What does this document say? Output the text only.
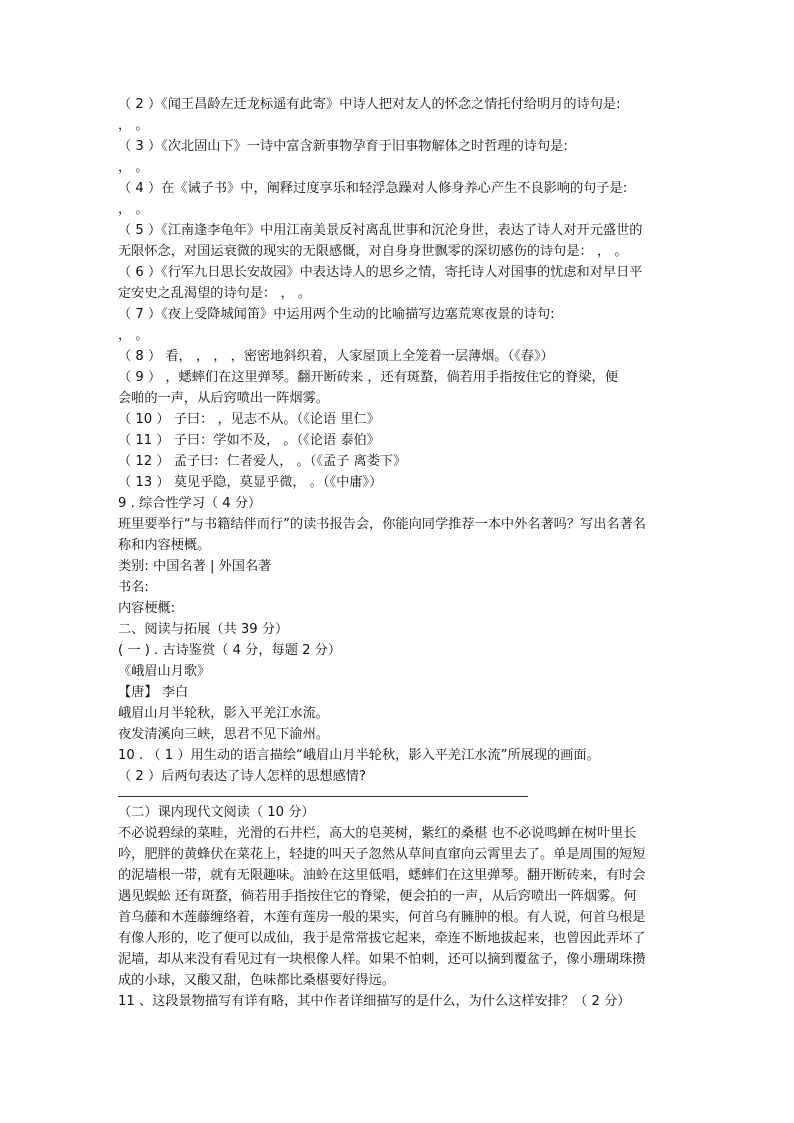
（ 2 ）《闻王昌龄左迁龙标遥有此寄》中诗人把对友人的怀念之情托付给明月的诗句是:
， 。
（ 3 ）《次北固山下》一诗中富含新事物孕育于旧事物解体之时哲理的诗句是:
， 。
（ 4 ）在《诫子书》中，阐释过度享乐和轻浮急躁对人修身养心产生不良影响的句子是:
， 。
（ 5 ）《江南逢李龟年》中用江南美景反衬离乱世事和沉沦身世，表达了诗人对开元盛世的
无限怀念，对国运衰微的现实的无限感慨，对自身身世飘零的深切感伤的诗句是： ， 。
（ 6 ）《行军九日思长安故园》中表达诗人的思乡之情，寄托诗人对国事的忧虑和对早日平
定安史之乱渴望的诗句是： ， 。
（ 7 ）《夜上受降城闻笛》中运用两个生动的比喻描写边塞荒寒夜景的诗句:
， 。
（ 8 ） 看， ， ， ，密密地斜织着，人家屋顶上全笼着一层薄烟。（《春》）
（ 9 ） ，蟋蟀们在这里弹琴。翻开断砖来 ，还有斑蝥，倘若用手指按住它的脊梁，便
会啪的一声，从后窍喷出一阵烟雾。
（ 10 ） 子曰： ，见志不从。（《论语 里仁》
（ 11 ） 子曰：学如不及， 。（《论语 泰伯》
（ 12 ） 孟子曰：仁者爱人， 。（《孟子 离娄下》
（ 13 ） 莫见乎隐，莫显乎微， 。（《中庸》）
9 . 综合性学习（ 4 分）
班里要举行“与书籍结伴而行”的读书报告会，你能向同学推荐一本中外名著吗？写出名著名
称和内容梗概。
类别: 中国名著 | 外国名著
书名:
内容梗概:
二、阅读与拓展（共 39 分）
( 一 ) . 古诗鉴赏（ 4 分，每题 2 分）
《峨眉山月歌》
【唐】 李白
峨眉山月半轮秋，影入平羌江水流。
夜发清溪向三峡，思君不见下渝州。
10 . （ 1 ）用生动的语言描绘“峨眉山月半轮秋，影入平羌江水流”所展现的画面。
（ 2 ）后两句表达了诗人怎样的思想感情?
（二）课内现代文阅读（ 10 分）
不必说碧绿的菜畦，光滑的石井栏，高大的皂荚树，紫红的桑椹 也不必说鸣蝉在树叶里长
吟，肥胖的黄蜂伏在菜花上，轻捷的叫天子忽然从草间直窜向云霄里去了。单是周围的短短
的泥墙根一带，就有无限趣味。油蛉在这里低唱，蟋蟀们在这里弹琴。翻开断砖来，有时会
遇见蜈蚣 还有斑蝥，倘若用手指按住它的脊梁，便会拍的一声，从后窍喷出一阵烟雾。何
首乌藤和木莲藤缠络着，木莲有莲房一般的果实，何首乌有臃肿的根。有人说，何首乌根是
有像人形的，吃了便可以成仙，我于是常常拔它起来，牵连不断地拔起来，也曾因此弄坏了
泥墙，却从来没有看见过有一块根像人样。如果不怕刺，还可以摘到覆盆子，像小珊瑚珠攒
成的小球，又酸又甜，色味都比桑椹要好得远。
11 、这段景物描写有详有略，其中作者详细描写的是什么，为什么这样安排？（ 2 分）
